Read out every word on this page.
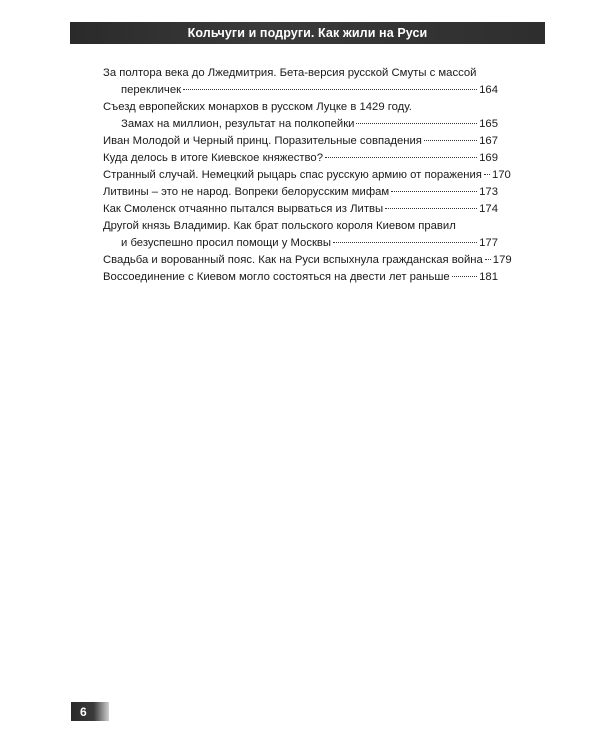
Кольчуги и подруги. Как жили на Руси
За полтора века до Лжедмитрия. Бета-версия русской Смуты с массой
перекличек	164
Съезд европейских монархов в русском Луцке в 1429 году.
Замах на миллион, результат на полкопейки	165
Иван Молодой и Черный принц. Поразительные совпадения	167
Куда делось в итоге Киевское княжество?	169
Странный случай. Немецкий рыцарь спас русскую армию от поражения 170
Литвины – это не народ. Вопреки белорусским мифам	173
Как Смоленск отчаянно пытался вырваться из Литвы	174
Другой князь Владимир. Как брат польского короля Киевом правил
и безуспешно просил помощи у Москвы	177
Свадьба и ворованный пояс. Как на Руси вспыхнула гражданская война 179
Воссоединение с Киевом могло состояться на двести лет раньше	181
6
